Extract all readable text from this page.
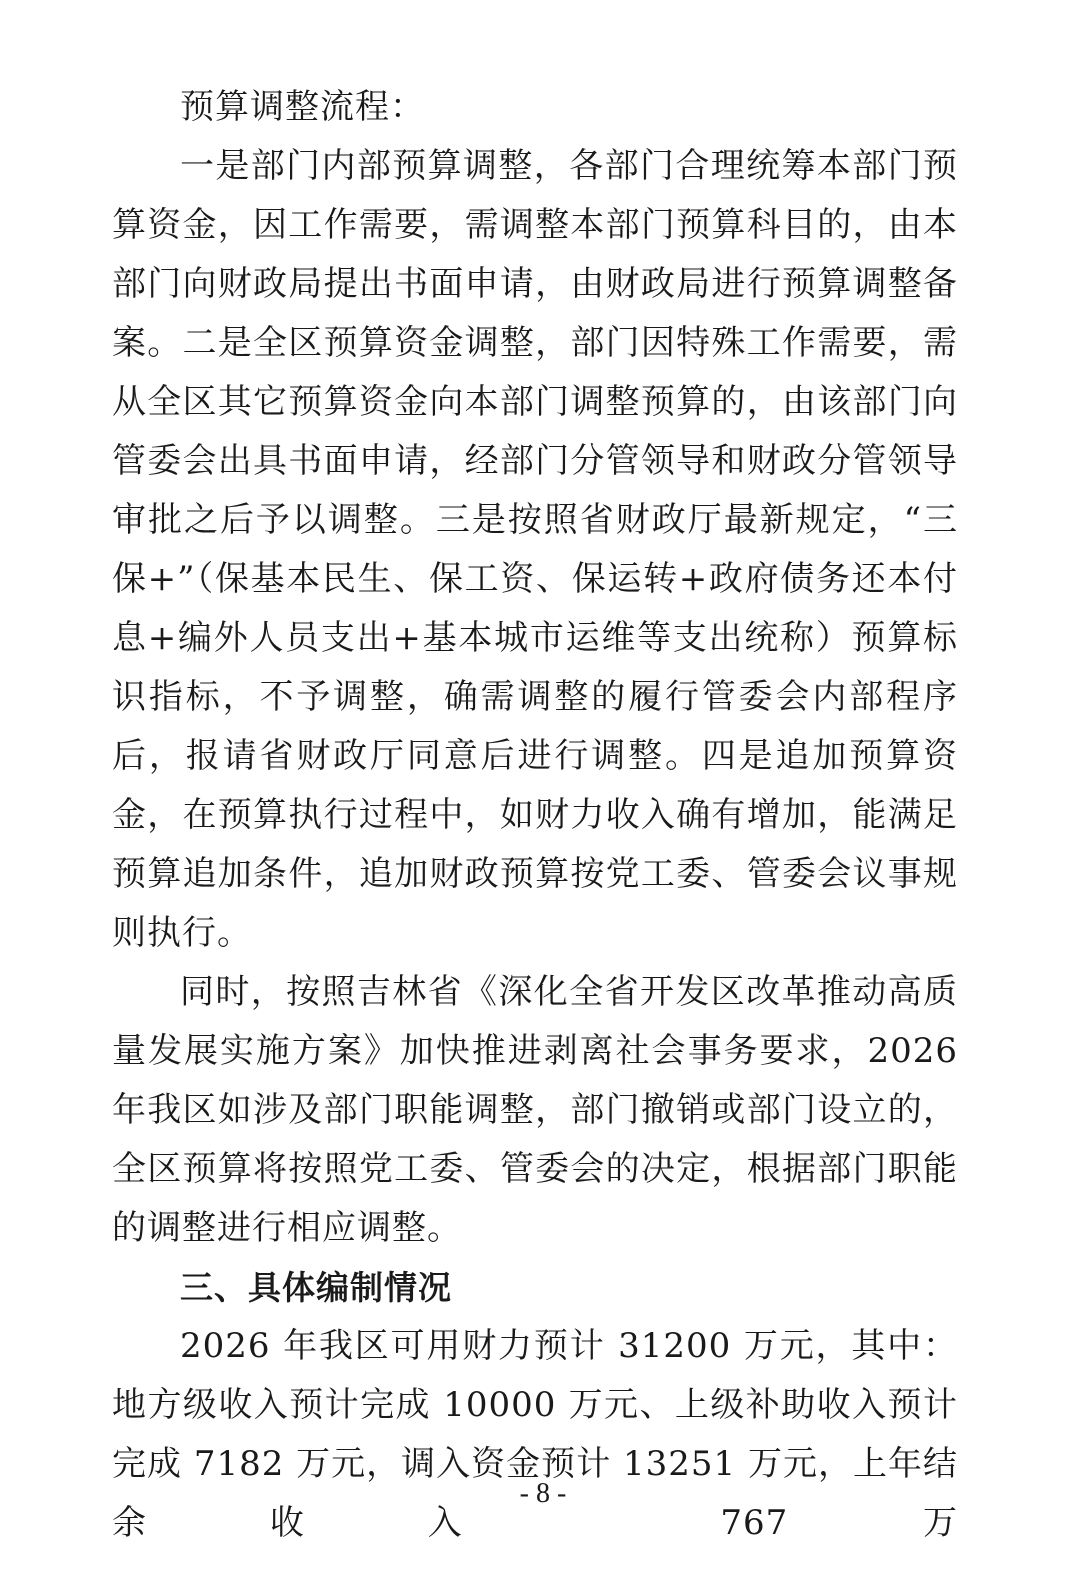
预算调整流程：

一是部门内部预算调整，各部门合理统筹本部门预算资金，因工作需要，需调整本部门预算科目的，由本部门向财政局提出书面申请，由财政局进行预算调整备案。二是全区预算资金调整，部门因特殊工作需要，需从全区其它预算资金向本部门调整预算的，由该部门向管委会出具书面申请，经部门分管领导和财政分管领导审批之后予以调整。三是按照省财政厅最新规定，“三保+”（保基本民生、保工资、保运转+政府债务还本付息+编外人员支出+基本城市运维等支出统称）预算标识指标，不予调整，确需调整的履行管委会内部程序后，报请省财政厅同意后进行调整。四是追加预算资金，在预算执行过程中，如财力收入确有增加，能满足预算追加条件，追加财政预算按党工委、管委会议事规则执行。

同时，按照吉林省《深化全省开发区改革推动高质量发展实施方案》加快推进剥离社会事务要求，2026 年我区如涉及部门职能调整，部门撤销或部门设立的，全区预算将按照党工委、管委会的决定，根据部门职能的调整进行相应调整。

三、具体编制情况

2026 年我区可用财力预计 31200 万元，其中：地方级收入预计完成 10000 万元、上级补助收入预计完成 7182 万元，调入资金预计 13251 万元，上年结余收入 767 万

- 8 -
